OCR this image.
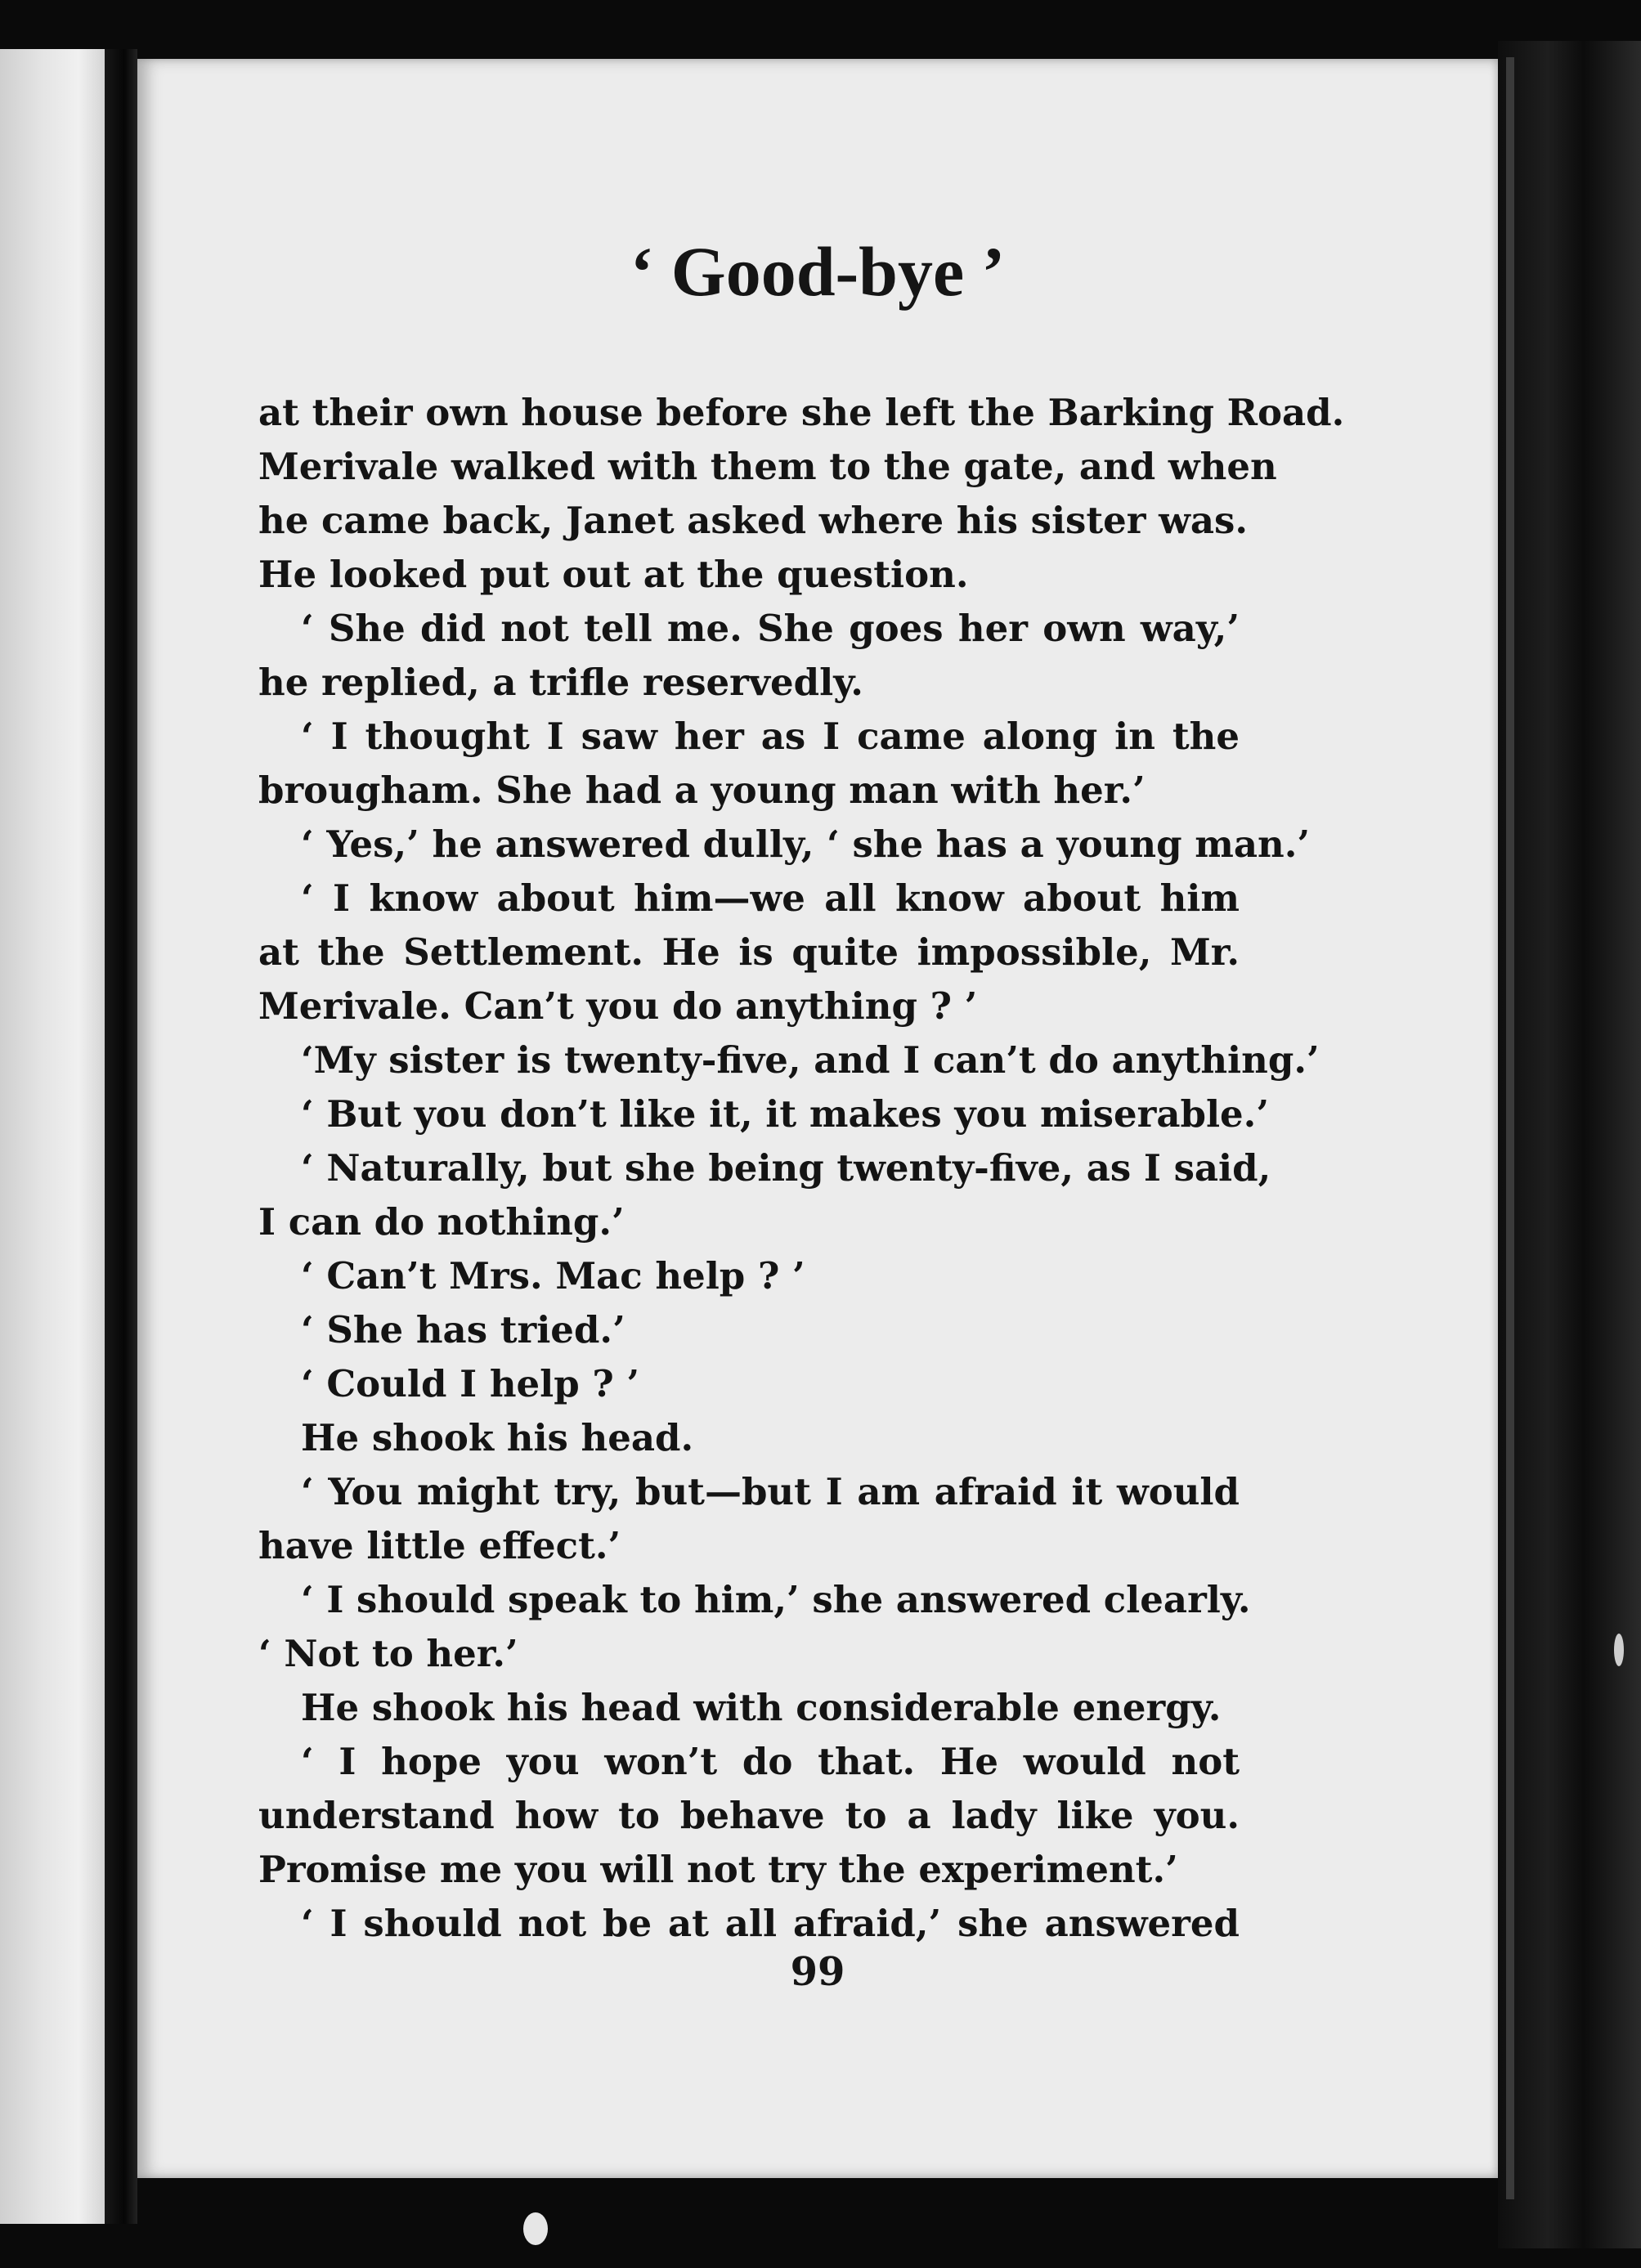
‘ Good-bye ’
at their own house before she left the Barking Road.
Merivale walked with them to the gate, and when
he came back, Janet asked where his sister was.
He looked put out at the question.
‘ She did not tell me. She goes her own way,’
he replied, a trifle reservedly.
‘ I thought I saw her as I came along in the
brougham. She had a young man with her.’
‘ Yes,’ he answered dully, ‘ she has a young man.’
‘ I know about him—we all know about him
at the Settlement. He is quite impossible, Mr.
Merivale. Can’t you do anything ? ’
‘My sister is twenty-five, and I can’t do anything.’
‘ But you don’t like it, it makes you miserable.’
‘ Naturally, but she being twenty-five, as I said,
I can do nothing.’
‘ Can’t Mrs. Mac help ? ’
‘ She has tried.’
‘ Could I help ? ’
He shook his head.
‘ You might try, but—but I am afraid it would
have little effect.’
‘ I should speak to him,’ she answered clearly.
‘ Not to her.’
He shook his head with considerable energy.
‘ I hope you won’t do that. He would not
understand how to behave to a lady like you.
Promise me you will not try the experiment.’
‘ I should not be at all afraid,’ she answered
99
